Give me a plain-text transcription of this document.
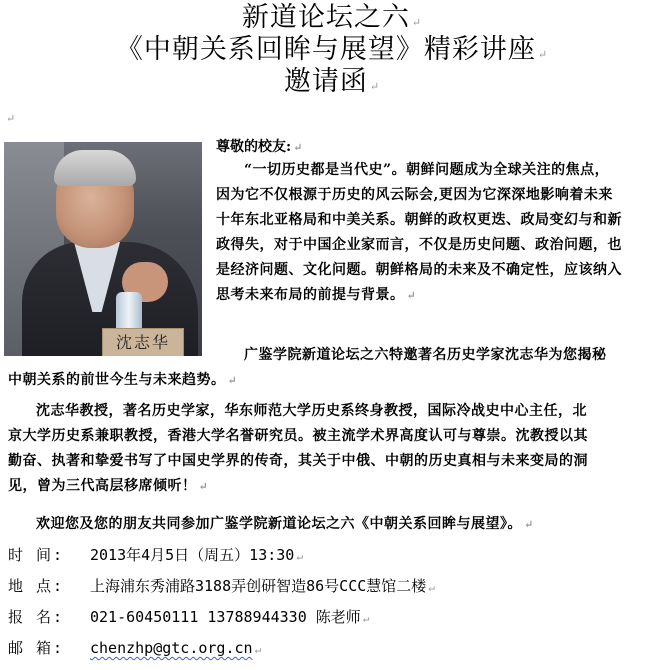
新道论坛之六 ↵
《中朝关系回眸与展望》精彩讲座 ↵
邀请函 ↵
↵
沈志华
尊敬的校友: ↵
“一切历史都是当代史”。朝鲜问题成为全球关注的焦点，
因为它不仅根源于历史的风云际会,更因为它深深地影响着未来
十年东北亚格局和中美关系。朝鲜的政权更迭、政局变幻与和新
政得失，对于中国企业家而言，不仅是历史问题、政治问题，也
是经济问题、文化问题。朝鲜格局的未来及不确定性，应该纳入
思考未来布局的前提与背景。 ↵
广鉴学院新道论坛之六特邀著名历史学家沈志华为您揭秘
中朝关系的前世今生与未来趋势。 ↵
沈志华教授，著名历史学家，华东师范大学历史系终身教授，国际冷战史中心主任，北
京大学历史系兼职教授，香港大学名誉研究员。被主流学术界高度认可与尊崇。沈教授以其
勤奋、执著和挚爱书写了中国史学界的传奇，其关于中俄、中朝的历史真相与未来变局的洞
见，曾为三代高层移席倾听！ ↵
欢迎您及您的朋友共同参加广鉴学院新道论坛之六《中朝关系回眸与展望》。 ↵
时 间: 2013年4月5日（周五）13:30 ↵
地 点: 上海浦东秀浦路3188弄创研智造86号CCC慧馆二楼 ↵
报 名: 021-60450111 13788944330 陈老师 ↵
邮 箱: chenzhp@gtc.org.cn ↵
